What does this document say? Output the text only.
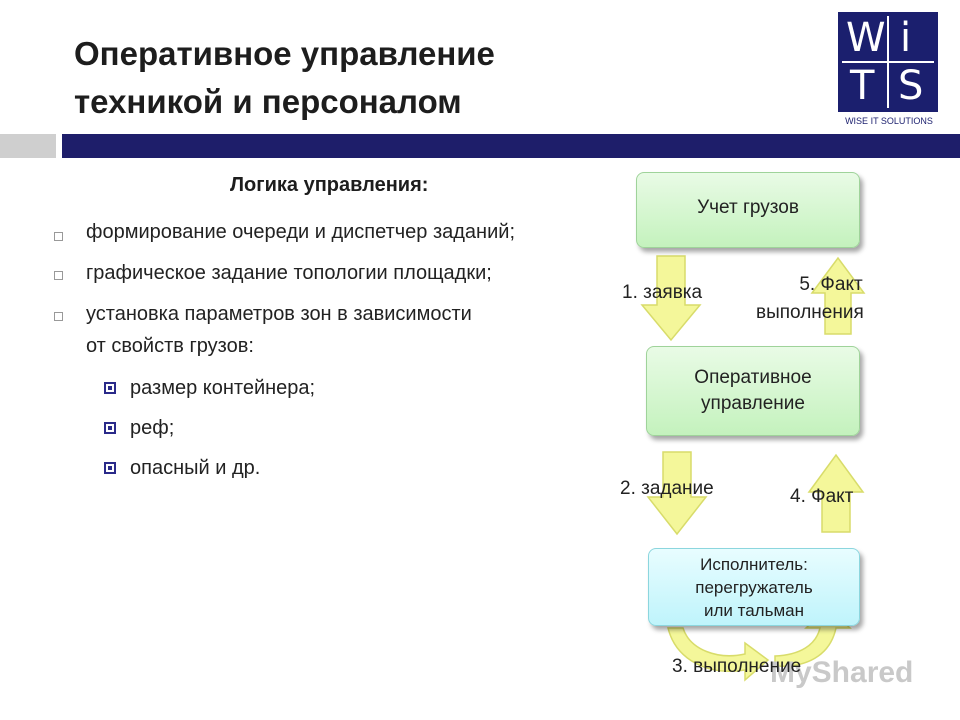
Оперативное управление
техникой и персоналом
W i
T S
WISE IT SOLUTIONS
Логика управления:
формирование очереди и диспетчер заданий;
графическое задание топологии площадки;
установка параметров зон в зависимости
от свойств грузов:
размер контейнера;
реф;
опасный и др.
Учет грузов
Оперативное
управление
Исполнитель:
перегружатель
или тальман
1. заявка	5. Факт
выполнения
2. задание	4. Факт
MyShared
3. выполнение
